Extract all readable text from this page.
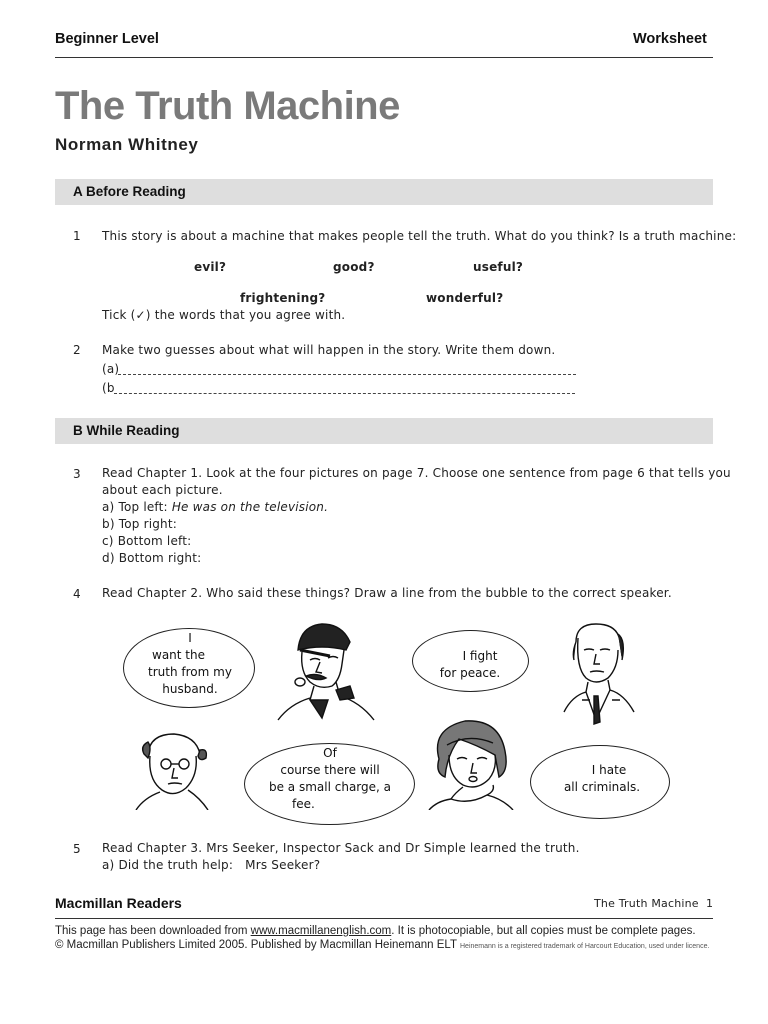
Beginner Level	Worksheet
The Truth Machine
Norman Whitney
A Before Reading
1 This story is about a machine that makes people tell the truth. What do you think? Is a truth machine:
evil?	good?	useful?
frightening?	wonderful?
Tick (✓) the words that you agree with.
2 Make two guesses about what will happen in the story. Write them down.
(a)
(b
B While Reading
3 Read Chapter 1. Look at the four pictures on page 7. Choose one sentence from page 6 that tells you
about each picture.
a) Top left: He was on the television.
b) Top right:
c) Bottom left:
d) Bottom right:
4 Read Chapter 2. Who said these things? Draw a line from the bubble to the correct speaker.
I
want the
truth from my
husband.
I fight
for peace.
Of
course there will
be a small charge, a
fee.
I hate
all criminals.
5 Read Chapter 3. Mrs Seeker, Inspector Sack and Dr Simple learned the truth.
a) Did the truth help:   Mrs Seeker?
Macmillan Readers	The Truth Machine 1
This page has been downloaded from www.macmillanenglish.com. It is photocopiable, but all copies must be complete pages.
© Macmillan Publishers Limited 2005. Published by Macmillan Heinemann ELT Heinemann is a registered trademark of Harcourt Education, used under licence.
